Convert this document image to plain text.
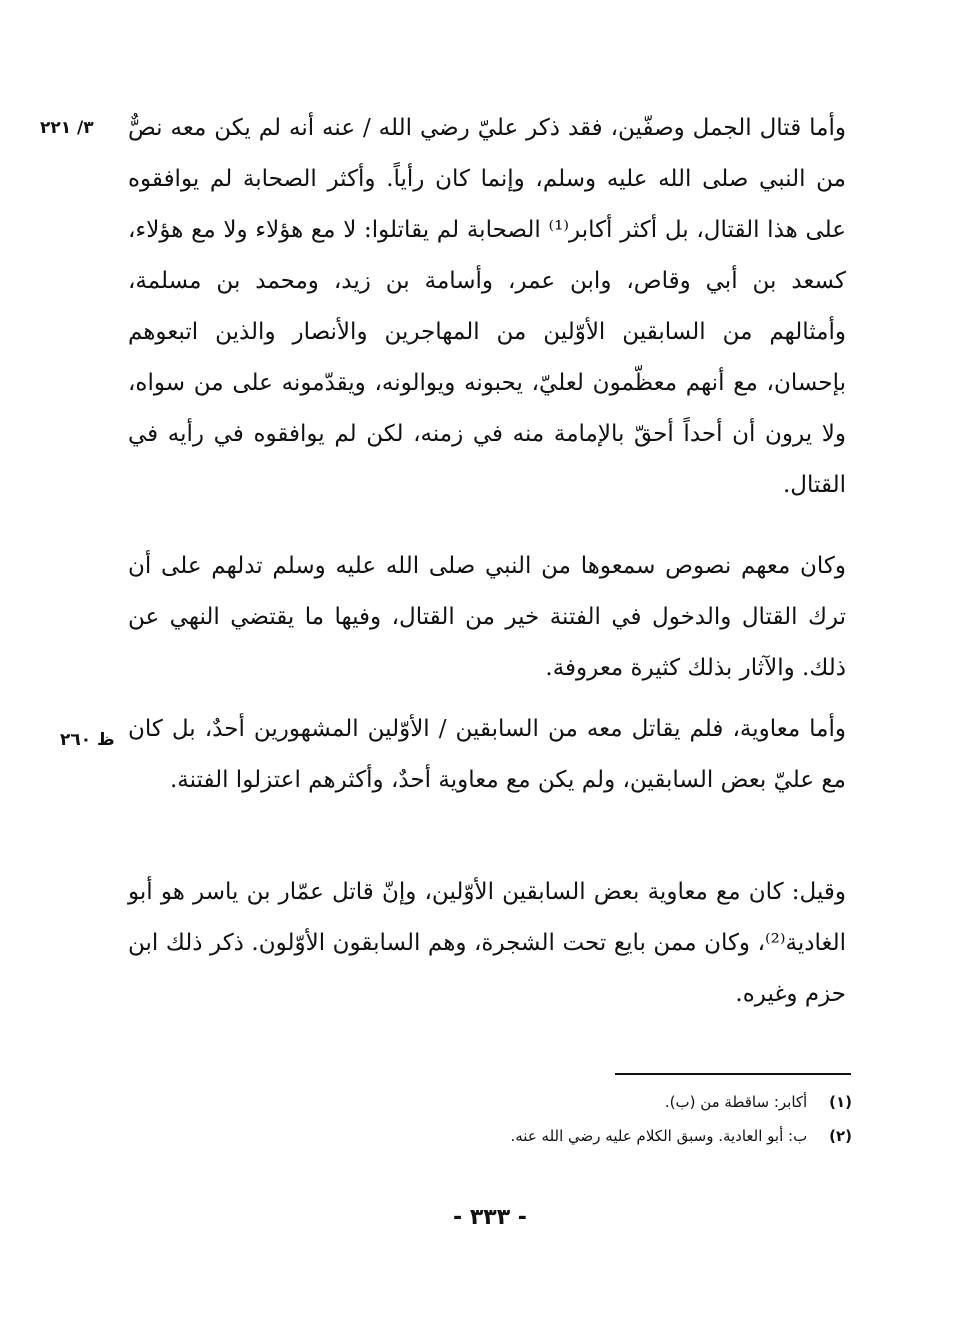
٣/ ٢٢١

ظ ٢٦٠

وأما قتال الجمل وصفّين، فقد ذكر عليّ رضي الله / عنه أنه لم يكن معه نصٌّ من النبي صلى الله عليه وسلم، وإنما كان رأياً. وأكثر الصحابة لم يوافقوه على هذا القتال، بل أكثر أكابر⁽¹⁾ الصحابة لم يقاتلوا: لا مع هؤلاء ولا مع هؤلاء، كسعد بن أبي وقاص، وابن عمر، وأسامة بن زيد، ومحمد بن مسلمة، وأمثالهم من السابقين الأوّلين من المهاجرين والأنصار والذين اتبعوهم بإحسان، مع أنهم معظّمون لعليّ، يحبونه ويوالونه، ويقدّمونه على من سواه، ولا يرون أن أحداً أحقّ بالإمامة منه في زمنه، لكن لم يوافقوه في رأيه في القتال.

وكان معهم نصوص سمعوها من النبي صلى الله عليه وسلم تدلهم على أن ترك القتال والدخول في الفتنة خير من القتال، وفيها ما يقتضي النهي عن ذلك. والآثار بذلك كثيرة معروفة.

وأما معاوية، فلم يقاتل معه من السابقين / الأوّلين المشهورين أحدٌ، بل كان مع عليّ بعض السابقين، ولم يكن مع معاوية أحدٌ، وأكثرهم اعتزلوا الفتنة.

وقيل: كان مع معاوية بعض السابقين الأوّلين، وإنّ قاتل عمّار بن ياسر هو أبو الغادية⁽²⁾، وكان ممن بايع تحت الشجرة، وهم السابقون الأوّلون. ذكر ذلك ابن حزم وغيره.

(١) أكابر: ساقطة من (ب).
(٢) ب: أبو العادية. وسبق الكلام عليه رضي الله عنه.

- ٣٣٣ -
